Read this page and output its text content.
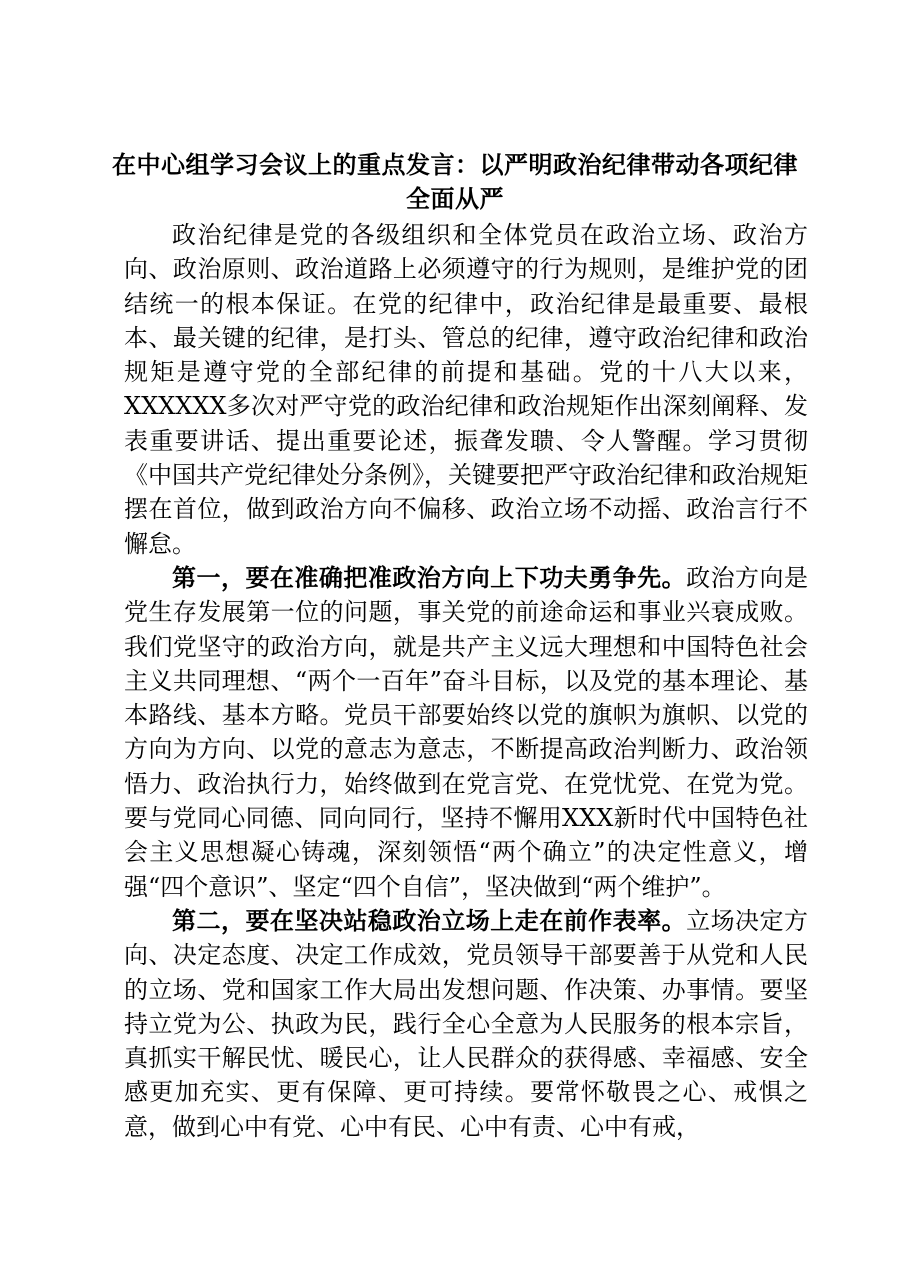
在中心组学习会议上的重点发言：以严明政治纪律带动各项纪律全面从严

政治纪律是党的各级组织和全体党员在政治立场、政治方向、政治原则、政治道路上必须遵守的行为规则，是维护党的团结统一的根本保证。在党的纪律中，政治纪律是最重要、最根本、最关键的纪律，是打头、管总的纪律，遵守政治纪律和政治规矩是遵守党的全部纪律的前提和基础。党的十八大以来，XXXXXX多次对严守党的政治纪律和政治规矩作出深刻阐释、发表重要讲话、提出重要论述，振聋发聩、令人警醒。学习贯彻《中国共产党纪律处分条例》，关键要把严守政治纪律和政治规矩摆在首位，做到政治方向不偏移、政治立场不动摇、政治言行不懈怠。

第一，要在准确把准政治方向上下功夫勇争先。政治方向是党生存发展第一位的问题，事关党的前途命运和事业兴衰成败。我们党坚守的政治方向，就是共产主义远大理想和中国特色社会主义共同理想、“两个一百年”奋斗目标，以及党的基本理论、基本路线、基本方略。党员干部要始终以党的旗帜为旗帜、以党的方向为方向、以党的意志为意志，不断提高政治判断力、政治领悟力、政治执行力，始终做到在党言党、在党忧党、在党为党。要与党同心同德、同向同行，坚持不懈用XXX新时代中国特色社会主义思想凝心铸魂，深刻领悟“两个确立”的决定性意义，增强“四个意识”、坚定“四个自信”，坚决做到“两个维护”。

第二，要在坚决站稳政治立场上走在前作表率。立场决定方向、决定态度、决定工作成效，党员领导干部要善于从党和人民的立场、党和国家工作大局出发想问题、作决策、办事情。要坚持立党为公、执政为民，践行全心全意为人民服务的根本宗旨，真抓实干解民忧、暖民心，让人民群众的获得感、幸福感、安全感更加充实、更有保障、更可持续。要常怀敬畏之心、戒惧之意，做到心中有党、心中有民、心中有责、心中有戒，
